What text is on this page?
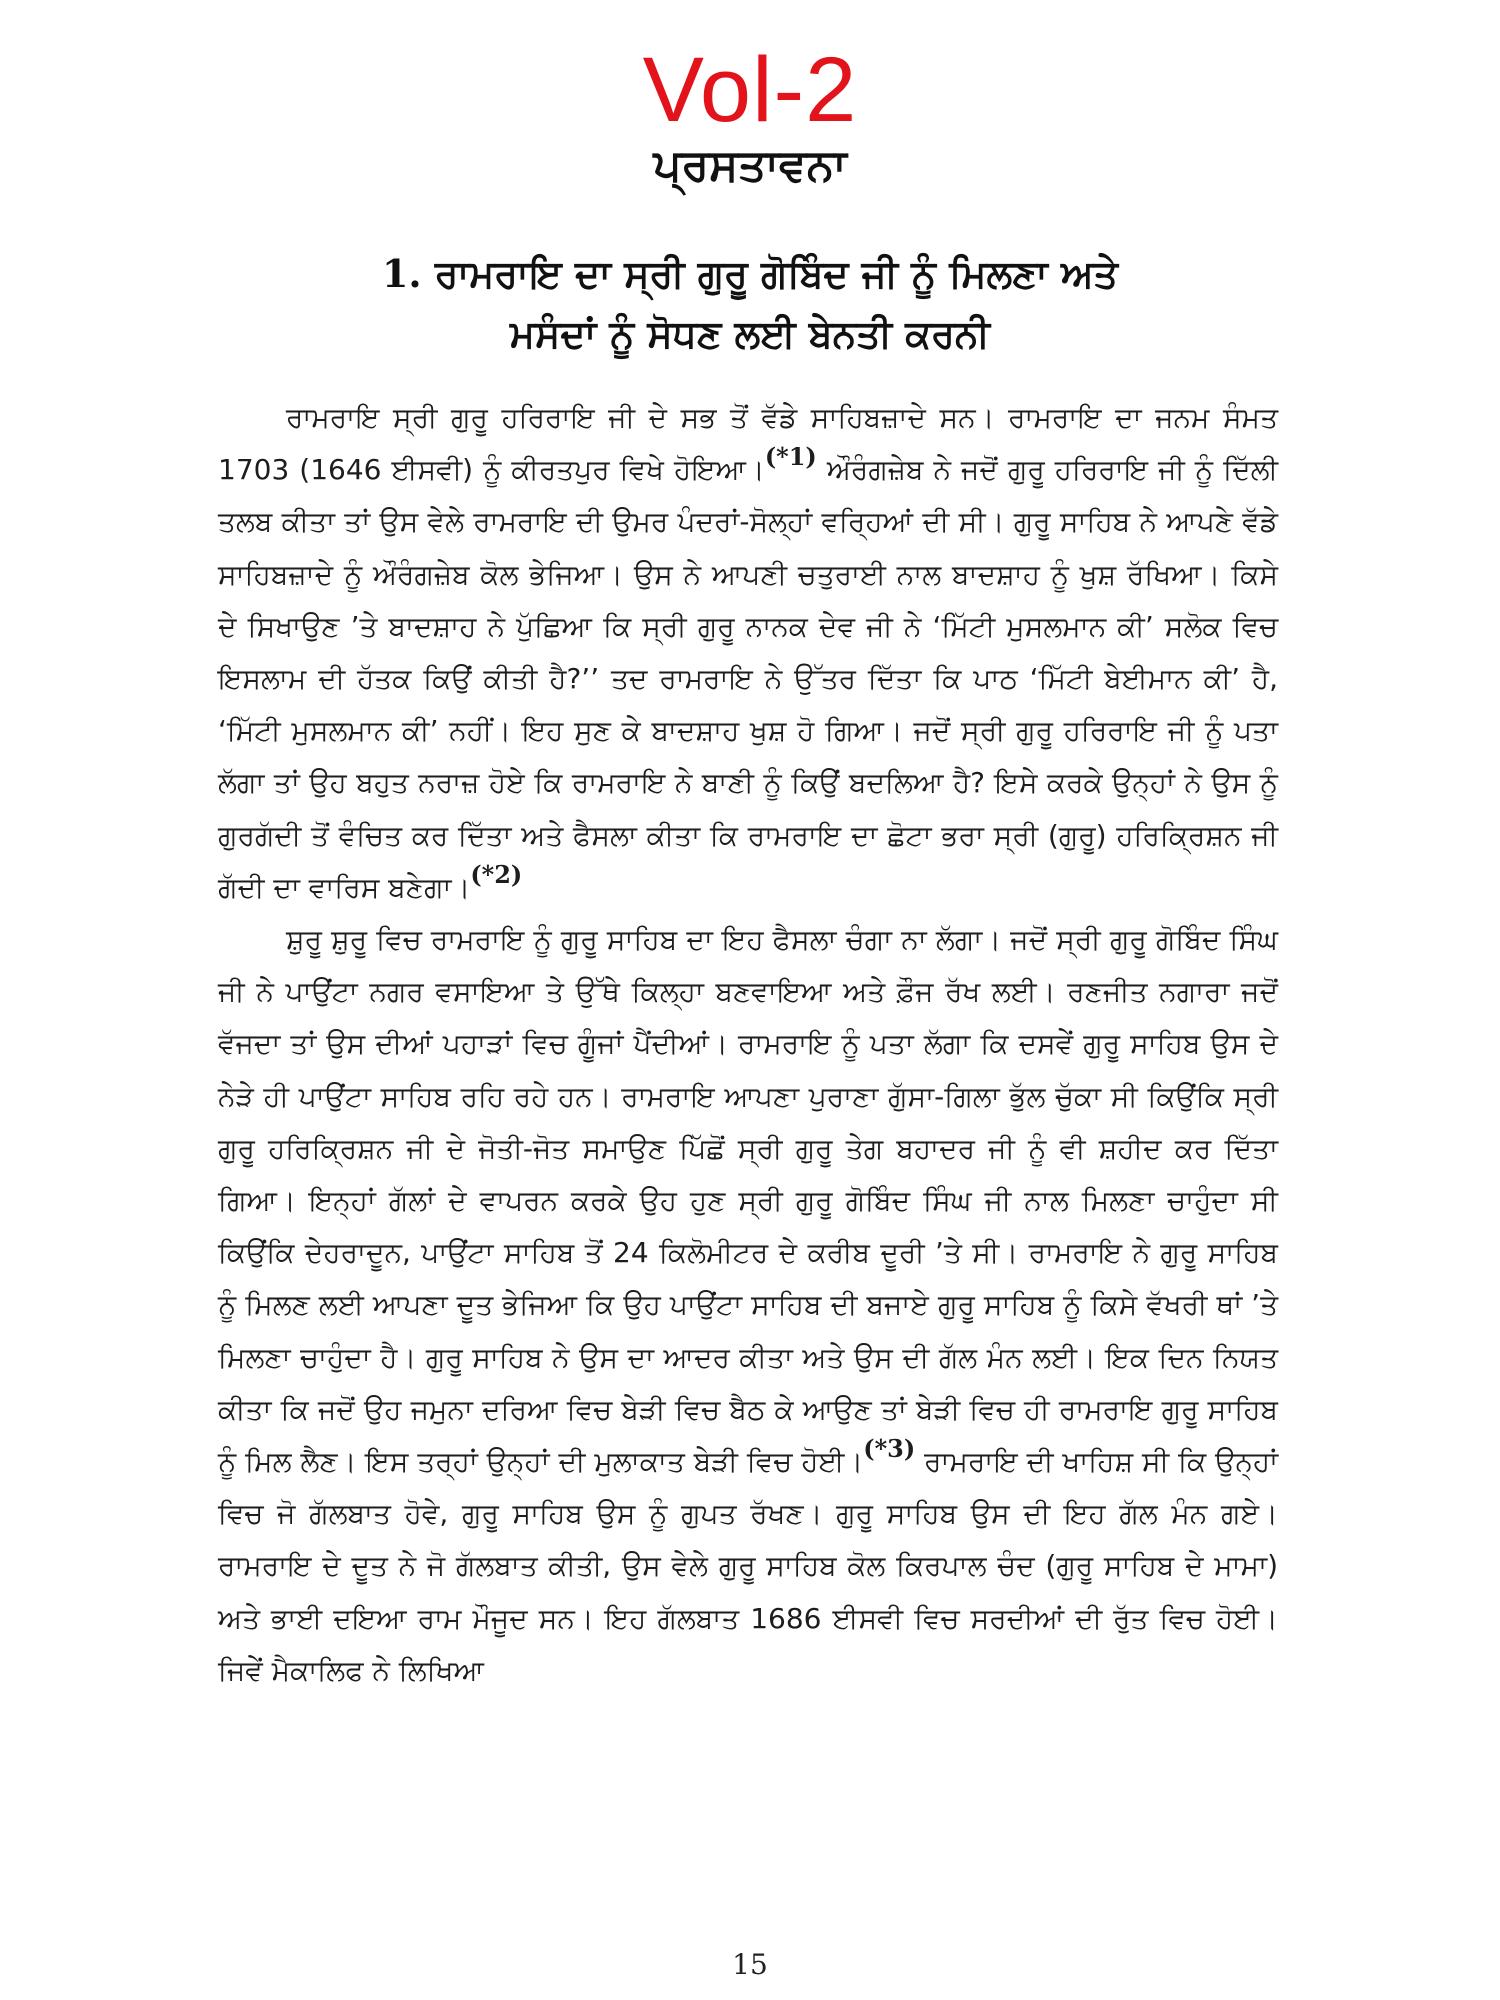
Vol-2
ਪ੍ਰਸਤਾਵਨਾ
1. ਰਾਮਰਾਇ ਦਾ ਸ੍ਰੀ ਗੁਰੂ ਗੋਬਿੰਦ ਜੀ ਨੂੰ ਮਿਲਣਾ ਅਤੇ
ਮਸੰਦਾਂ ਨੂੰ ਸੋਧਣ ਲਈ ਬੇਨਤੀ ਕਰਨੀ

ਰਾਮਰਾਇ ਸ੍ਰੀ ਗੁਰੂ ਹਰਿਰਾਇ ਜੀ ਦੇ ਸਭ ਤੋਂ ਵੱਡੇ ਸਾਹਿਬਜ਼ਾਦੇ ਸਨ। ਰਾਮਰਾਇ ਦਾ ਜਨਮ ਸੰਮਤ 1703 (1646 ਈਸਵੀ) ਨੂੰ ਕੀਰਤਪੁਰ ਵਿਖੇ ਹੋਇਆ।(*1) ਔਰੰਗਜ਼ੇਬ ਨੇ ਜਦੋਂ ਗੁਰੂ ਹਰਿਰਾਇ ਜੀ ਨੂੰ ਦਿੱਲੀ ਤਲਬ ਕੀਤਾ ਤਾਂ ਉਸ ਵੇਲੇ ਰਾਮਰਾਇ ਦੀ ਉਮਰ ਪੰਦਰਾਂ-ਸੋਲ੍ਹਾਂ ਵਰ੍ਹਿਆਂ ਦੀ ਸੀ। ਗੁਰੂ ਸਾਹਿਬ ਨੇ ਆਪਣੇ ਵੱਡੇ ਸਾਹਿਬਜ਼ਾਦੇ ਨੂੰ ਔਰੰਗਜ਼ੇਬ ਕੋਲ ਭੇਜਿਆ। ਉਸ ਨੇ ਆਪਣੀ ਚਤੁਰਾਈ ਨਾਲ ਬਾਦਸ਼ਾਹ ਨੂੰ ਖੁਸ਼ ਰੱਖਿਆ। ਕਿਸੇ ਦੇ ਸਿਖਾਉਣ ’ਤੇ ਬਾਦਸ਼ਾਹ ਨੇ ਪੁੱਛਿਆ ਕਿ ਸ੍ਰੀ ਗੁਰੂ ਨਾਨਕ ਦੇਵ ਜੀ ਨੇ ‘ਮਿੱਟੀ ਮੁਸਲਮਾਨ ਕੀ’ ਸਲੋਕ ਵਿਚ ਇਸਲਾਮ ਦੀ ਹੱਤਕ ਕਿਉਂ ਕੀਤੀ ਹੈ?’’ ਤਦ ਰਾਮਰਾਇ ਨੇ ਉੱਤਰ ਦਿੱਤਾ ਕਿ ਪਾਠ ‘ਮਿੱਟੀ ਬੇਈਮਾਨ ਕੀ’ ਹੈ, ‘ਮਿੱਟੀ ਮੁਸਲਮਾਨ ਕੀ’ ਨਹੀਂ। ਇਹ ਸੁਣ ਕੇ ਬਾਦਸ਼ਾਹ ਖੁਸ਼ ਹੋ ਗਿਆ। ਜਦੋਂ ਸ੍ਰੀ ਗੁਰੂ ਹਰਿਰਾਇ ਜੀ ਨੂੰ ਪਤਾ ਲੱਗਾ ਤਾਂ ਉਹ ਬਹੁਤ ਨਰਾਜ਼ ਹੋਏ ਕਿ ਰਾਮਰਾਇ ਨੇ ਬਾਣੀ ਨੂੰ ਕਿਉਂ ਬਦਲਿਆ ਹੈ? ਇਸੇ ਕਰਕੇ ਉਨ੍ਹਾਂ ਨੇ ਉਸ ਨੂੰ ਗੁਰਗੱਦੀ ਤੋਂ ਵੰਚਿਤ ਕਰ ਦਿੱਤਾ ਅਤੇ ਫੈਸਲਾ ਕੀਤਾ ਕਿ ਰਾਮਰਾਇ ਦਾ ਛੋਟਾ ਭਰਾ ਸ੍ਰੀ (ਗੁਰੂ) ਹਰਿਕ੍ਰਿਸ਼ਨ ਜੀ ਗੱਦੀ ਦਾ ਵਾਰਿਸ ਬਣੇਗਾ।(*2)

ਸ਼ੁਰੂ ਸ਼ੁਰੂ ਵਿਚ ਰਾਮਰਾਇ ਨੂੰ ਗੁਰੂ ਸਾਹਿਬ ਦਾ ਇਹ ਫੈਸਲਾ ਚੰਗਾ ਨਾ ਲੱਗਾ। ਜਦੋਂ ਸ੍ਰੀ ਗੁਰੂ ਗੋਬਿੰਦ ਸਿੰਘ ਜੀ ਨੇ ਪਾਉਂਟਾ ਨਗਰ ਵਸਾਇਆ ਤੇ ਉੱਥੇ ਕਿਲ੍ਹਾ ਬਣਵਾਇਆ ਅਤੇ ਫ਼ੌਜ ਰੱਖ ਲਈ। ਰਣਜੀਤ ਨਗਾਰਾ ਜਦੋਂ ਵੱਜਦਾ ਤਾਂ ਉਸ ਦੀਆਂ ਪਹਾੜਾਂ ਵਿਚ ਗੂੰਜਾਂ ਪੈਂਦੀਆਂ। ਰਾਮਰਾਇ ਨੂੰ ਪਤਾ ਲੱਗਾ ਕਿ ਦਸਵੇਂ ਗੁਰੂ ਸਾਹਿਬ ਉਸ ਦੇ ਨੇੜੇ ਹੀ ਪਾਉਂਟਾ ਸਾਹਿਬ ਰਹਿ ਰਹੇ ਹਨ। ਰਾਮਰਾਇ ਆਪਣਾ ਪੁਰਾਣਾ ਗੁੱਸਾ-ਗਿਲਾ ਭੁੱਲ ਚੁੱਕਾ ਸੀ ਕਿਉਂਕਿ ਸ੍ਰੀ ਗੁਰੂ ਹਰਿਕ੍ਰਿਸ਼ਨ ਜੀ ਦੇ ਜੋਤੀ-ਜੋਤ ਸਮਾਉਣ ਪਿੱਛੋਂ ਸ੍ਰੀ ਗੁਰੂ ਤੇਗ ਬਹਾਦਰ ਜੀ ਨੂੰ ਵੀ ਸ਼ਹੀਦ ਕਰ ਦਿੱਤਾ ਗਿਆ। ਇਨ੍ਹਾਂ ਗੱਲਾਂ ਦੇ ਵਾਪਰਨ ਕਰਕੇ ਉਹ ਹੁਣ ਸ੍ਰੀ ਗੁਰੂ ਗੋਬਿੰਦ ਸਿੰਘ ਜੀ ਨਾਲ ਮਿਲਣਾ ਚਾਹੁੰਦਾ ਸੀ ਕਿਉਂਕਿ ਦੇਹਰਾਦੂਨ, ਪਾਉਂਟਾ ਸਾਹਿਬ ਤੋਂ 24 ਕਿਲੋਮੀਟਰ ਦੇ ਕਰੀਬ ਦੂਰੀ ’ਤੇ ਸੀ। ਰਾਮਰਾਇ ਨੇ ਗੁਰੂ ਸਾਹਿਬ ਨੂੰ ਮਿਲਣ ਲਈ ਆਪਣਾ ਦੂਤ ਭੇਜਿਆ ਕਿ ਉਹ ਪਾਉਂਟਾ ਸਾਹਿਬ ਦੀ ਬਜਾਏ ਗੁਰੂ ਸਾਹਿਬ ਨੂੰ ਕਿਸੇ ਵੱਖਰੀ ਥਾਂ ’ਤੇ ਮਿਲਣਾ ਚਾਹੁੰਦਾ ਹੈ। ਗੁਰੂ ਸਾਹਿਬ ਨੇ ਉਸ ਦਾ ਆਦਰ ਕੀਤਾ ਅਤੇ ਉਸ ਦੀ ਗੱਲ ਮੰਨ ਲਈ। ਇਕ ਦਿਨ ਨਿਯਤ ਕੀਤਾ ਕਿ ਜਦੋਂ ਉਹ ਜਮੁਨਾ ਦਰਿਆ ਵਿਚ ਬੇੜੀ ਵਿਚ ਬੈਠ ਕੇ ਆਉਣ ਤਾਂ ਬੇੜੀ ਵਿਚ ਹੀ ਰਾਮਰਾਇ ਗੁਰੂ ਸਾਹਿਬ ਨੂੰ ਮਿਲ ਲੈਣ। ਇਸ ਤਰ੍ਹਾਂ ਉਨ੍ਹਾਂ ਦੀ ਮੁਲਾਕਾਤ ਬੇੜੀ ਵਿਚ ਹੋਈ।(*3) ਰਾਮਰਾਇ ਦੀ ਖਾਹਿਸ਼ ਸੀ ਕਿ ਉਨ੍ਹਾਂ ਵਿਚ ਜੋ ਗੱਲਬਾਤ ਹੋਵੇ, ਗੁਰੂ ਸਾਹਿਬ ਉਸ ਨੂੰ ਗੁਪਤ ਰੱਖਣ। ਗੁਰੂ ਸਾਹਿਬ ਉਸ ਦੀ ਇਹ ਗੱਲ ਮੰਨ ਗਏ। ਰਾਮਰਾਇ ਦੇ ਦੂਤ ਨੇ ਜੋ ਗੱਲਬਾਤ ਕੀਤੀ, ਉਸ ਵੇਲੇ ਗੁਰੂ ਸਾਹਿਬ ਕੋਲ ਕਿਰਪਾਲ ਚੰਦ (ਗੁਰੂ ਸਾਹਿਬ ਦੇ ਮਾਮਾ) ਅਤੇ ਭਾਈ ਦਇਆ ਰਾਮ ਮੌਜੂਦ ਸਨ। ਇਹ ਗੱਲਬਾਤ 1686 ਈਸਵੀ ਵਿਚ ਸਰਦੀਆਂ ਦੀ ਰੁੱਤ ਵਿਚ ਹੋਈ। ਜਿਵੇਂ ਮੈਕਾਲਿਫ ਨੇ ਲਿਖਿਆ

15
